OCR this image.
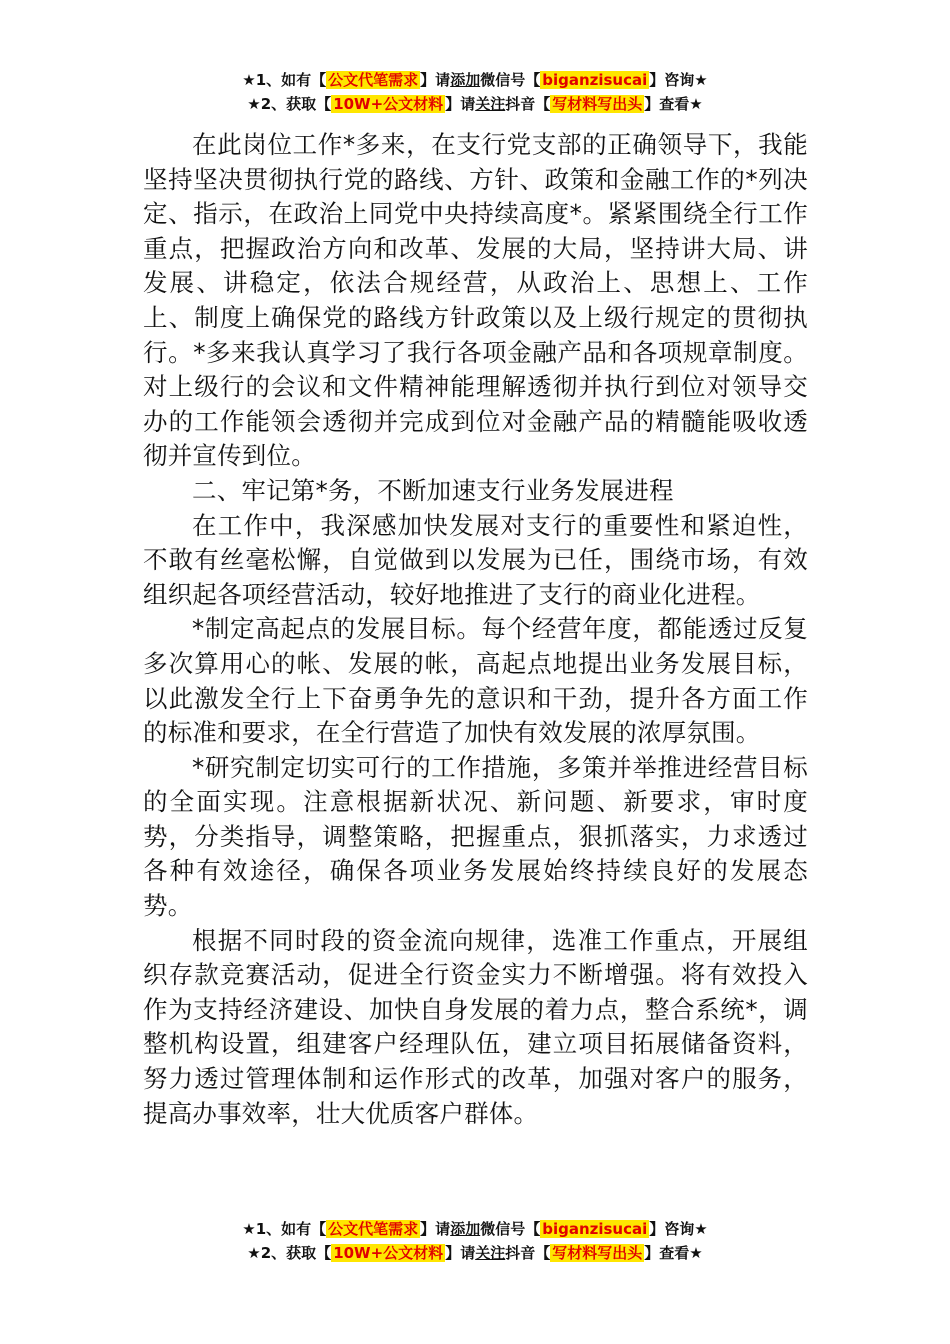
★1、如有【 公文代笔需求 】请添加微信号【 biganzisucai 】咨询★
★2、获取【 10W+公文材料 】请关注抖音【 写材料写出头 】查看★

在此岗位工作*多来，在支行党支部的正确领导下，我能坚持坚决贯彻执行党的路线、方针、政策和金融工作的*列决定、指示，在政治上同党中央持续高度*。紧紧围绕全行工作重点，把握政治方向和改革、发展的大局，坚持讲大局、讲发展、讲稳定，依法合规经营，从政治上、思想上、工作上、制度上确保党的路线方针政策以及上级行规定的贯彻执行。*多来我认真学习了我行各项金融产品和各项规章制度。对上级行的会议和文件精神能理解透彻并执行到位对领导交办的工作能领会透彻并完成到位对金融产品的精髓能吸收透彻并宣传到位。

二、牢记第*务，不断加速支行业务发展进程

在工作中，我深感加快发展对支行的重要性和紧迫性，不敢有丝毫松懈，自觉做到以发展为已任，围绕市场，有效组织起各项经营活动，较好地推进了支行的商业化进程。

*制定高起点的发展目标。每个经营年度，都能透过反复多次算用心的帐、发展的帐，高起点地提出业务发展目标，以此激发全行上下奋勇争先的意识和干劲，提升各方面工作的标准和要求，在全行营造了加快有效发展的浓厚氛围。

*研究制定切实可行的工作措施，多策并举推进经营目标的全面实现。注意根据新状况、新问题、新要求，审时度势，分类指导，调整策略，把握重点，狠抓落实，力求透过各种有效途径，确保各项业务发展始终持续良好的发展态势。

根据不同时段的资金流向规律，选准工作重点，开展组织存款竞赛活动，促进全行资金实力不断增强。将有效投入作为支持经济建设、加快自身发展的着力点，整合系统*，调整机构设置，组建客户经理队伍，建立项目拓展储备资料，努力透过管理体制和运作形式的改革，加强对客户的服务，提高办事效率，壮大优质客户群体。

★1、如有【 公文代笔需求 】请添加微信号【 biganzisucai 】咨询★
★2、获取【 10W+公文材料 】请关注抖音【 写材料写出头 】查看★
